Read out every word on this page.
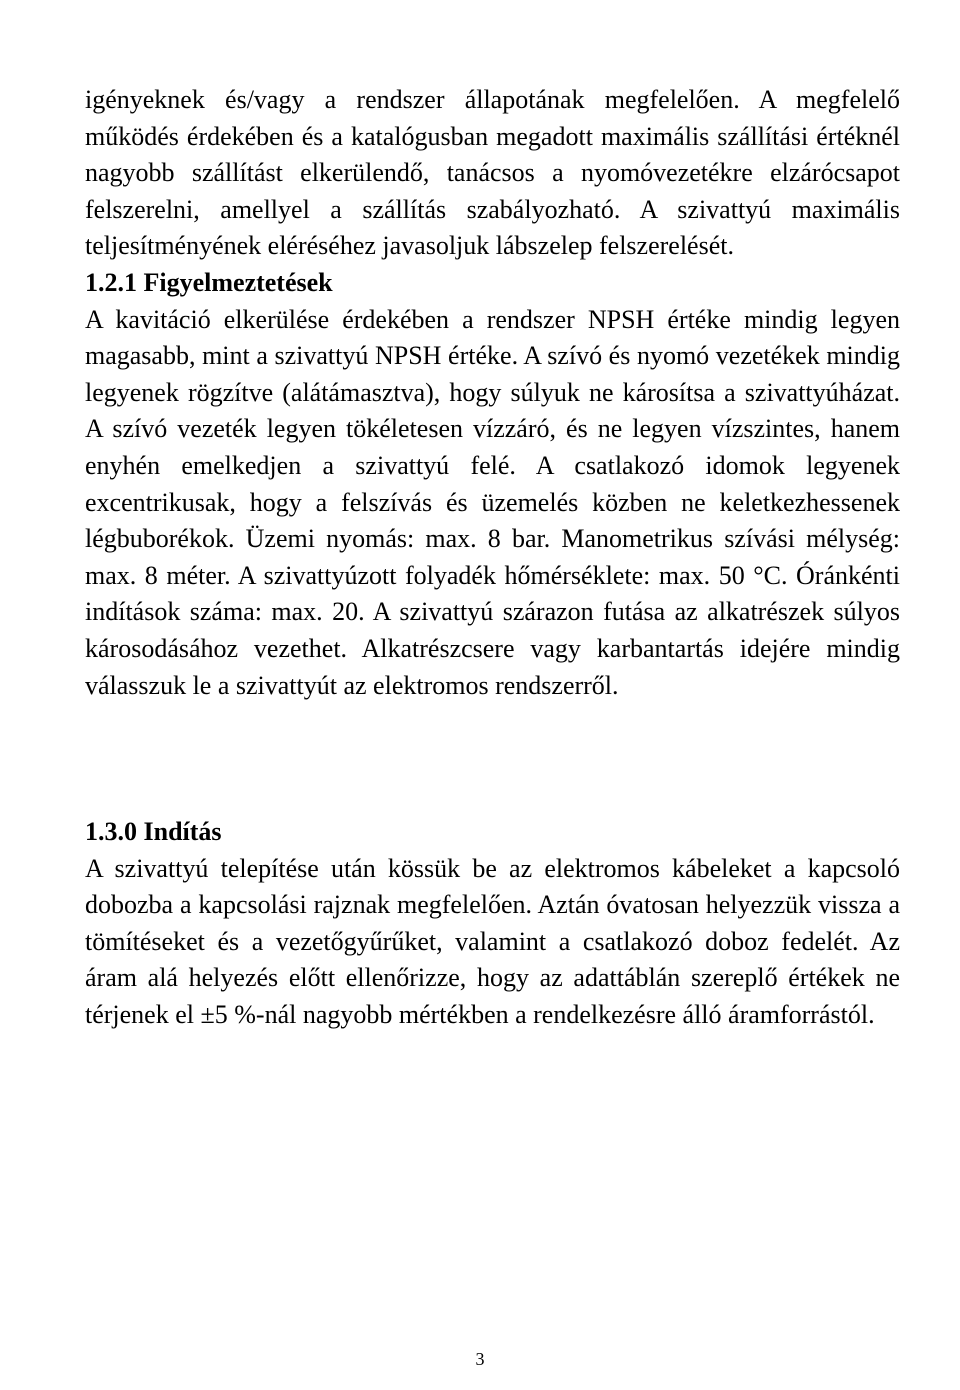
igényeknek és/vagy a rendszer állapotának megfelelően. A megfelelő működés érdekében és a katalógusban megadott maximális szállítási értéknél nagyobb szállítást elkerülendő, tanácsos a nyomóvezetékre elzárócsapot felszerelni, amellyel a szállítás szabályozható. A szivattyú maximális teljesítményének eléréséhez javasoljuk lábszelep felszerelését.

1.2.1 Figyelmeztetések

A kavitáció elkerülése érdekében a rendszer NPSH értéke mindig legyen magasabb, mint a szivattyú NPSH értéke. A szívó és nyomó vezetékek mindig legyenek rögzítve (alátámasztva), hogy súlyuk ne károsítsa a szivattyúházat. A szívó vezeték legyen tökéletesen vízzáró, és ne legyen vízszintes, hanem enyhén emelkedjen a szivattyú felé. A csatlakozó idomok legyenek excentrikusak, hogy a felszívás és üzemelés közben ne keletkezhessenek légbuborékok. Üzemi nyomás: max. 8 bar. Manometrikus szívási mélység: max. 8 méter. A szivattyúzott folyadék hőmérséklete: max. 50 °C. Óránkénti indítások száma: max. 20. A szivattyú szárazon futása az alkatrészek súlyos károsodásához vezethet. Alkatrészcsere vagy karbantartás idejére mindig válasszuk le a szivattyút az elektromos rendszerről.

1.3.0 Indítás

A szivattyú telepítése után kössük be az elektromos kábeleket a kapcsoló dobozba a kapcsolási rajznak megfelelően. Aztán óvatosan helyezzük vissza a tömítéseket és a vezetőgyűrűket, valamint a csatlakozó doboz fedelét. Az áram alá helyezés előtt ellenőrizze, hogy az adattáblán szereplő értékek ne térjenek el ±5 %-nál nagyobb mértékben a rendelkezésre álló áramforrástól.

3
